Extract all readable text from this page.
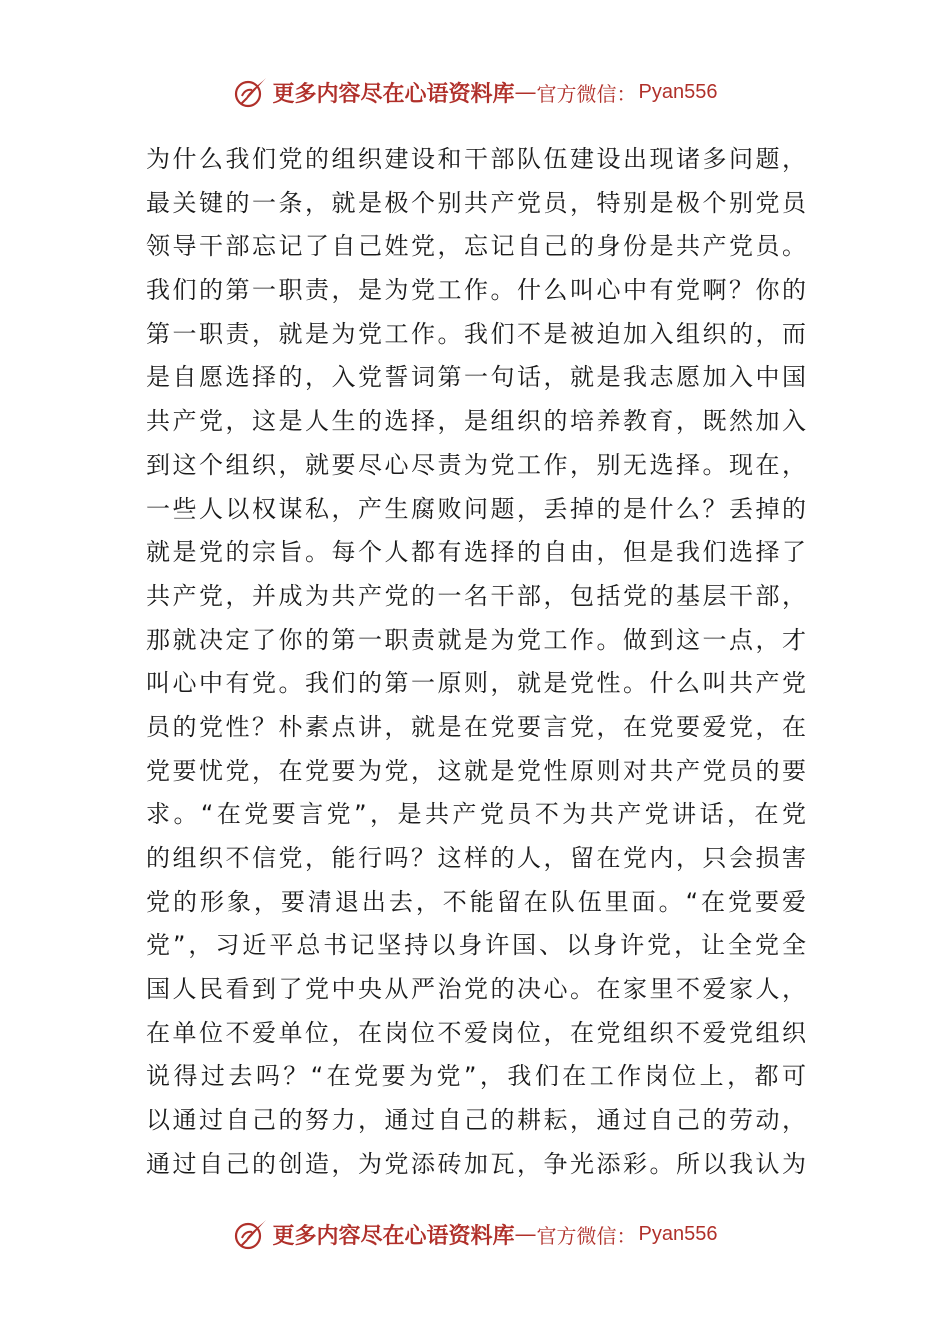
更多内容尽在心语资料库 — 官方微信： Pyan556
为什么我们党的组织建设和干部队伍建设出现诸多问题，
最关键的一条，就是极个别共产党员，特别是极个别党员
领导干部忘记了自己姓党，忘记自己的身份是共产党员。
我们的第一职责，是为党工作。什么叫心中有党啊？你的
第一职责，就是为党工作。我们不是被迫加入组织的，而
是自愿选择的，入党誓词第一句话，就是我志愿加入中国
共产党，这是人生的选择，是组织的培养教育，既然加入
到这个组织，就要尽心尽责为党工作，别无选择。现在，
一些人以权谋私，产生腐败问题，丢掉的是什么？丢掉的
就是党的宗旨。每个人都有选择的自由，但是我们选择了
共产党，并成为共产党的一名干部，包括党的基层干部，
那就决定了你的第一职责就是为党工作。做到这一点，才
叫心中有党。我们的第一原则，就是党性。什么叫共产党
员的党性？朴素点讲，就是在党要言党，在党要爱党，在
党要忧党，在党要为党，这就是党性原则对共产党员的要
求。“在党要言党”，是共产党员不为共产党讲话，在党
的组织不信党，能行吗？这样的人，留在党内，只会损害
党的形象，要清退出去，不能留在队伍里面。“在党要爱
党”，习近平总书记坚持以身许国、以身许党，让全党全
国人民看到了党中央从严治党的决心。在家里不爱家人，
在单位不爱单位，在岗位不爱岗位，在党组织不爱党组织
说得过去吗？“在党要为党”，我们在工作岗位上，都可
以通过自己的努力，通过自己的耕耘，通过自己的劳动，
通过自己的创造，为党添砖加瓦，争光添彩。所以我认为
更多内容尽在心语资料库 — 官方微信： Pyan556
